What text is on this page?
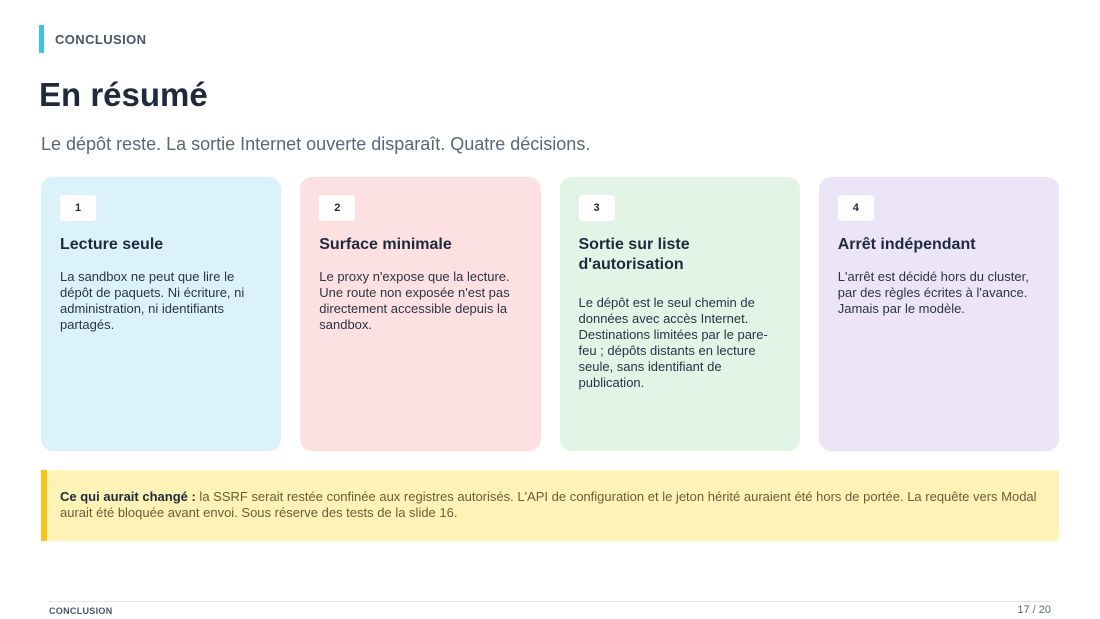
CONCLUSION
En résumé

Le dépôt reste. La sortie Internet ouverte disparaît. Quatre décisions.

1
Lecture seule
La sandbox ne peut que lire le dépôt de paquets. Ni écriture, ni administration, ni identifiants partagés.
2
Surface minimale
Le proxy n'expose que la lecture. Une route non exposée n'est pas directement accessible depuis la sandbox.
3
Sortie sur liste d'autorisation
Le dépôt est le seul chemin de données avec accès Internet. Destinations limitées par le pare-feu ; dépôts distants en lecture seule, sans identifiant de publication.
4
Arrêt indépendant
L'arrêt est décidé hors du cluster, par des règles écrites à l'avance. Jamais par le modèle.
Ce qui aurait changé : la SSRF serait restée confinée aux registres autorisés. L'API de configuration et le jeton hérité auraient été hors de portée. La requête vers Modal aurait été bloquée avant envoi. Sous réserve des tests de la slide 16.
CONCLUSION	17 / 20
